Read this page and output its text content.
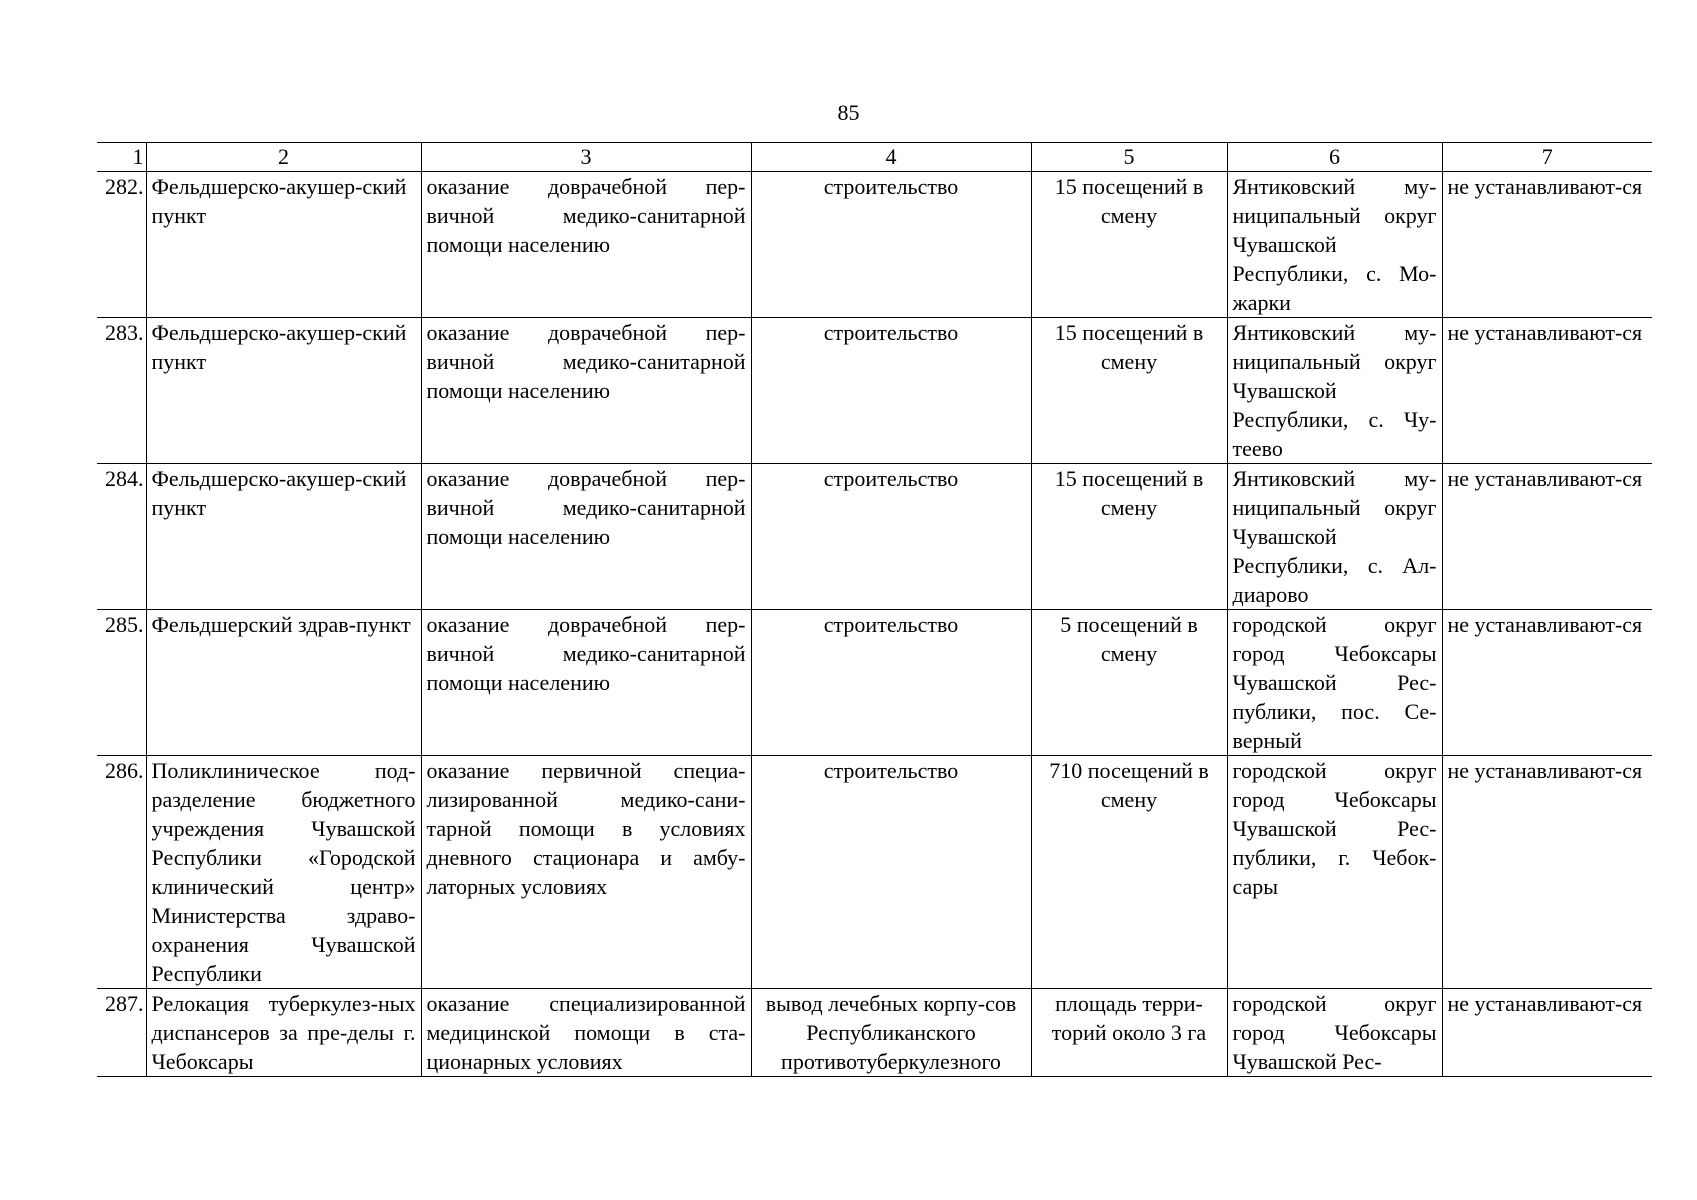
85
1	2	3	4	5	6	7
282.	Фельдшерско-акушер-ский пункт	оказание доврачебной пер-вичной медико-санитарной помощи населению	строительство	15 посещений в смену	Янтиковский му-ниципальный округ Чувашской Республики, с. Мо-жарки	не устанавливают-ся
283.	Фельдшерско-акушер-ский пункт	оказание доврачебной пер-вичной медико-санитарной помощи населению	строительство	15 посещений в смену	Янтиковский му-ниципальный округ Чувашской Республики, с. Чу-теево	не устанавливают-ся
284.	Фельдшерско-акушер-ский пункт	оказание доврачебной пер-вичной медико-санитарной помощи населению	строительство	15 посещений в смену	Янтиковский му-ниципальный округ Чувашской Республики, с. Ал-диарово	не устанавливают-ся
285.	Фельдшерский здрав-пункт	оказание доврачебной пер-вичной медико-санитарной помощи населению	строительство	5 посещений в смену	городской округ город Чебоксары Чувашской Рес-публики, пос. Се-верный	не устанавливают-ся
286.	Поликлиническое под-разделение бюджетного учреждения Чувашской Республики «Городской клинический центр» Министерства здраво-охранения Чувашской Республики	оказание первичной специа-лизированной медико-сани-тарной помощи в условиях дневного стационара и амбу-латорных условиях	строительство	710 посещений в смену	городской округ город Чебоксары Чувашской Рес-публики, г. Чебок-сары	не устанавливают-ся
287.	Релокация туберкулез-ных диспансеров за пре-делы г. Чебоксары	оказание специализированной медицинской помощи в ста-ционарных условиях	вывод лечебных корпу-сов Республиканского противотуберкулезного	площадь терри-торий около 3 га	городской округ город Чебоксары Чувашской Рес-	не устанавливают-ся
